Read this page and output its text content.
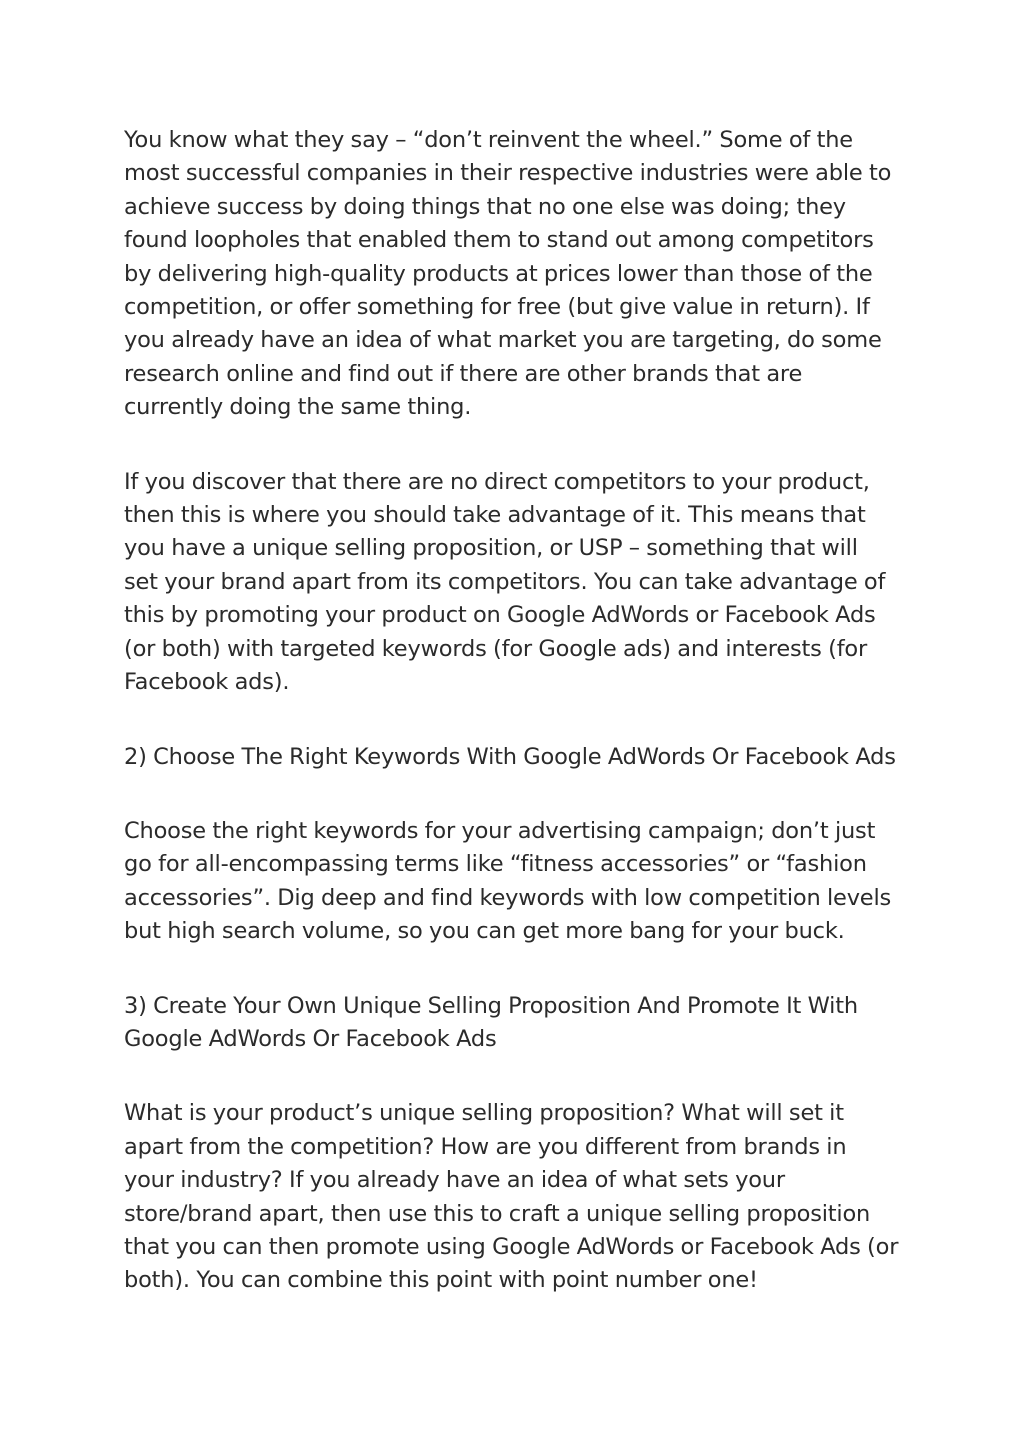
You know what they say – “don’t reinvent the wheel.” Some of the
most successful companies in their respective industries were able to
achieve success by doing things that no one else was doing; they
found loopholes that enabled them to stand out among competitors
by delivering high-quality products at prices lower than those of the
competition, or offer something for free (but give value in return). If
you already have an idea of what market you are targeting, do some
research online and find out if there are other brands that are
currently doing the same thing.
If you discover that there are no direct competitors to your product,
then this is where you should take advantage of it. This means that
you have a unique selling proposition, or USP – something that will
set your brand apart from its competitors. You can take advantage of
this by promoting your product on Google AdWords or Facebook Ads
(or both) with targeted keywords (for Google ads) and interests (for
Facebook ads).
2) Choose The Right Keywords With Google AdWords Or Facebook Ads
Choose the right keywords for your advertising campaign; don’t just
go for all-encompassing terms like “fitness accessories” or “fashion
accessories”. Dig deep and find keywords with low competition levels
but high search volume, so you can get more bang for your buck.
3) Create Your Own Unique Selling Proposition And Promote It With
Google AdWords Or Facebook Ads
What is your product’s unique selling proposition? What will set it
apart from the competition? How are you different from brands in
your industry? If you already have an idea of what sets your
store/brand apart, then use this to craft a unique selling proposition
that you can then promote using Google AdWords or Facebook Ads (or
both). You can combine this point with point number one!
